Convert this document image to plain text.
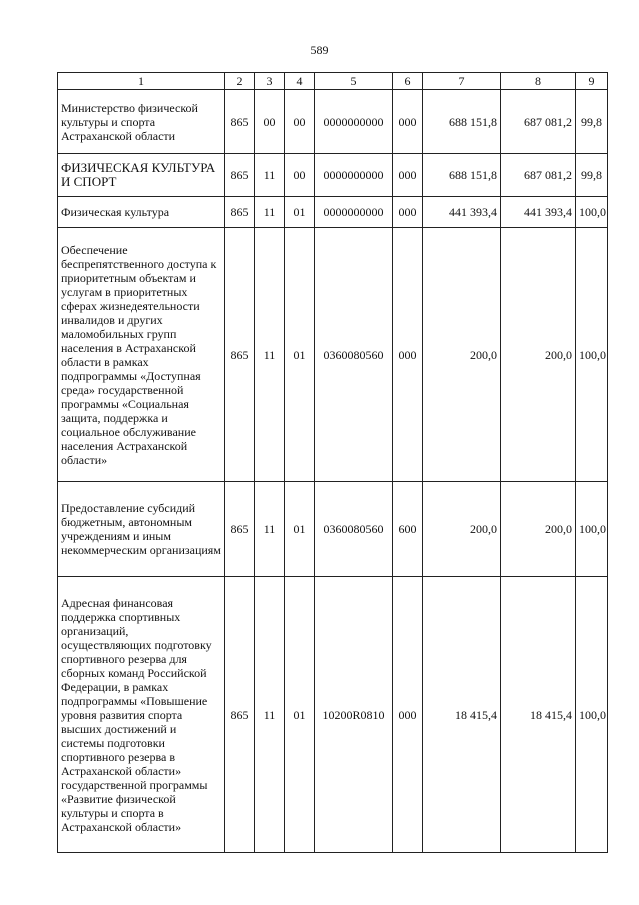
589
1	2	3	4	5	6	7	8	9
Министерство физической культуры и спорта Астраханской области	865	00	00	0000000000	000	688 151,8	687 081,2	99,8
ФИЗИЧЕСКАЯ КУЛЬТУРА И СПОРТ	865	11	00	0000000000	000	688 151,8	687 081,2	99,8
Физическая культура	865	11	01	0000000000	000	441 393,4	441 393,4	100,0
Обеспечение беспрепятственного доступа к приоритетным объектам и услугам в приоритетных сферах жизнедеятельности инвалидов и других маломобильных групп населения в Астраханской области в рамках подпрограммы «Доступная среда» государственной программы «Социальная защита, поддержка и социальное обслуживание населения Астраханской области»	865	11	01	0360080560	000	200,0	200,0	100,0
Предоставление субсидий бюджетным, автономным учреждениям и иным некоммерческим организациям	865	11	01	0360080560	600	200,0	200,0	100,0
Адресная финансовая поддержка спортивных организаций, осуществляющих подготовку спортивного резерва для сборных команд Российской Федерации, в рамках подпрограммы «Повышение уровня развития спорта высших достижений и системы подготовки спортивного резерва в Астраханской области» государственной программы «Развитие физической культуры и спорта в Астраханской области»	865	11	01	10200R0810	000	18 415,4	18 415,4	100,0
